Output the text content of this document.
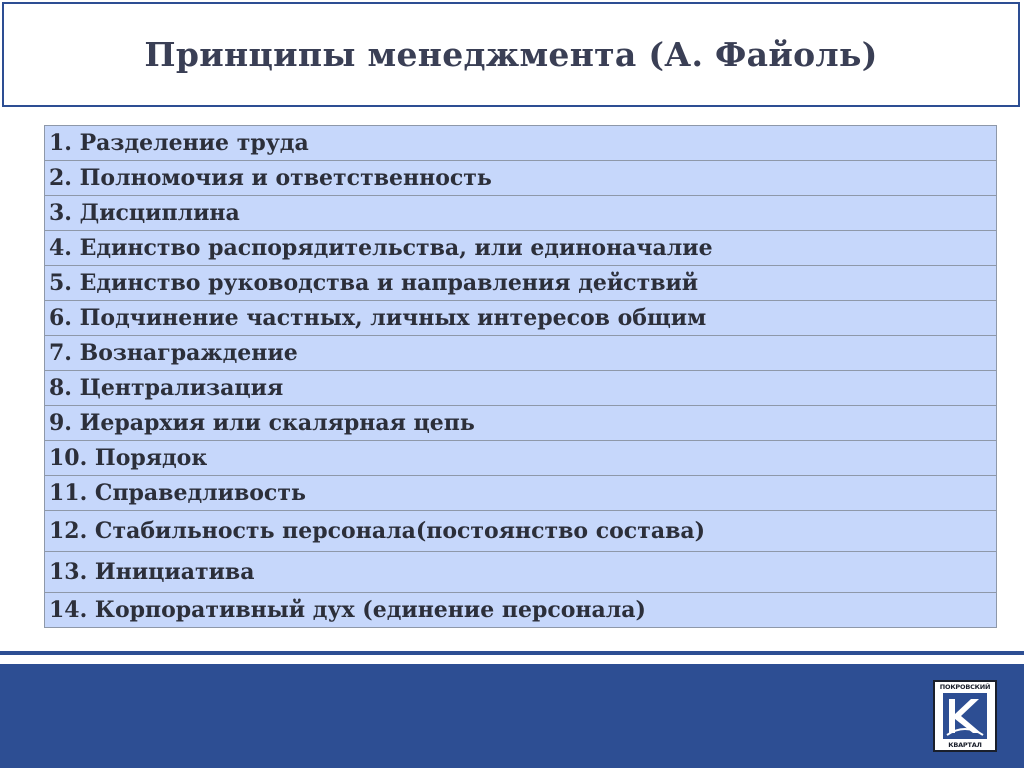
Принципы менеджмента (А. Файоль)
1. Разделение труда
2. Полномочия и ответственность
3. Дисциплина
4. Единство распорядительства, или единоначалие
5. Единство руководства и направления действий
6. Подчинение частных, личных интересов общим
7. Вознаграждение
8. Централизация
9. Иерархия или скалярная цепь
10. Порядок
11. Справедливость
12. Стабильность персонала(постоянство состава)
13. Инициатива
14. Корпоративный дух (единение персонала)
ПОКРОВСКИЙ
КВАРТАЛ
